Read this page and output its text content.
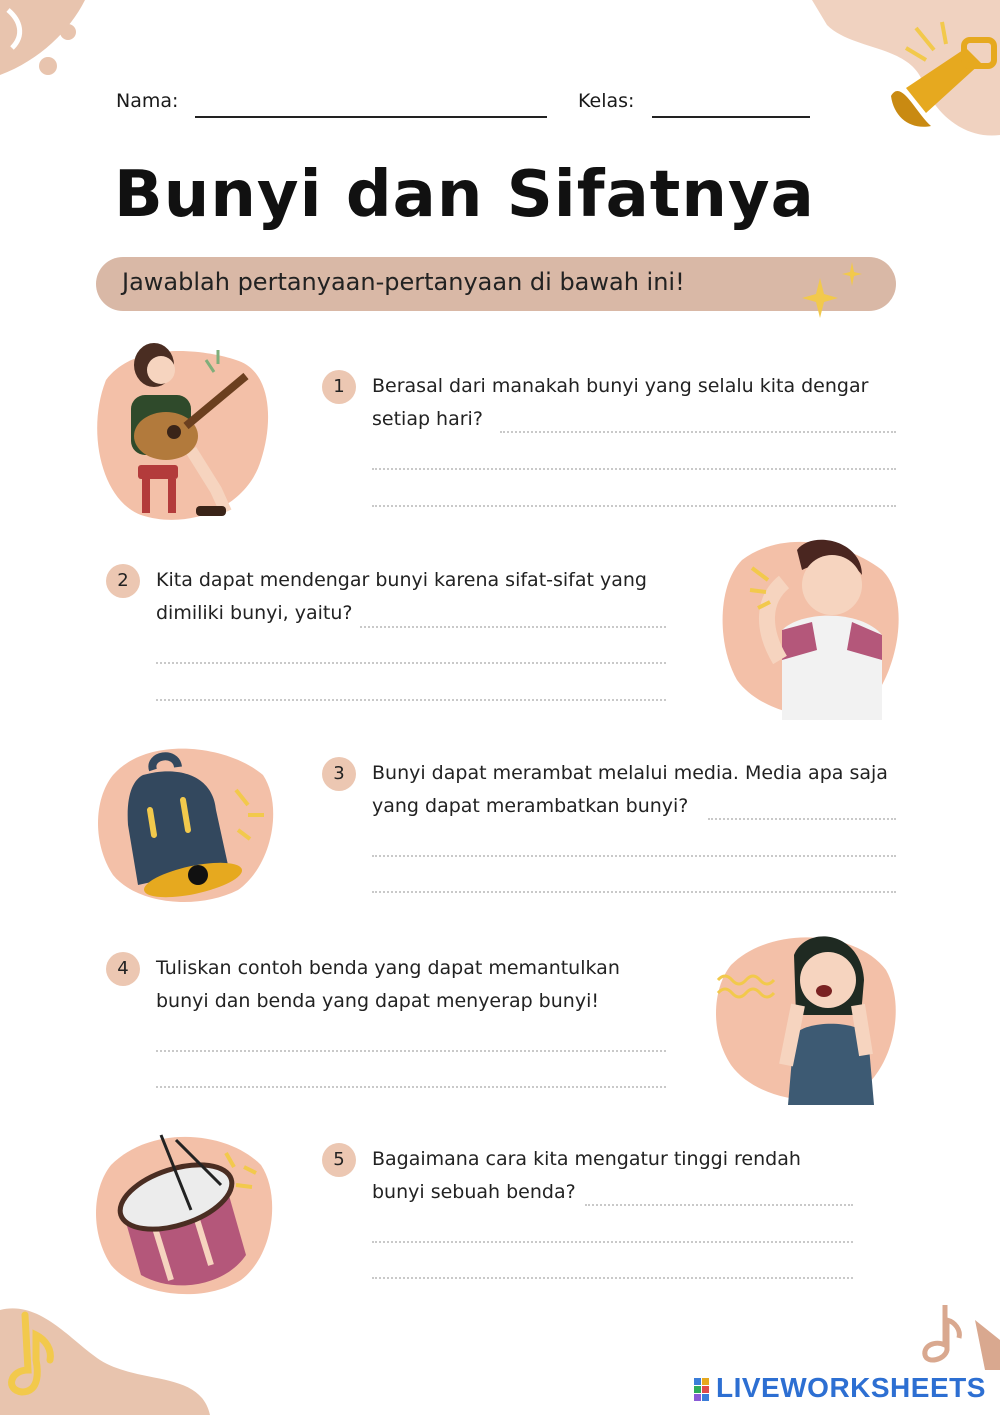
Nama:	Kelas:
Bunyi dan Sifatnya
Jawablah pertanyaan-pertanyaan di bawah ini!
1	Berasal dari manakah bunyi yang selalu kita dengar
setiap hari?
2	Kita dapat mendengar bunyi karena sifat-sifat yang
dimiliki bunyi, yaitu?
3	Bunyi dapat merambat melalui media. Media apa saja
yang dapat merambatkan bunyi?
4	Tuliskan contoh benda yang dapat memantulkan
bunyi dan benda yang dapat menyerap bunyi!
5	Bagaimana cara kita mengatur tinggi rendah
bunyi sebuah benda?
LIVEWORKSHEETS
